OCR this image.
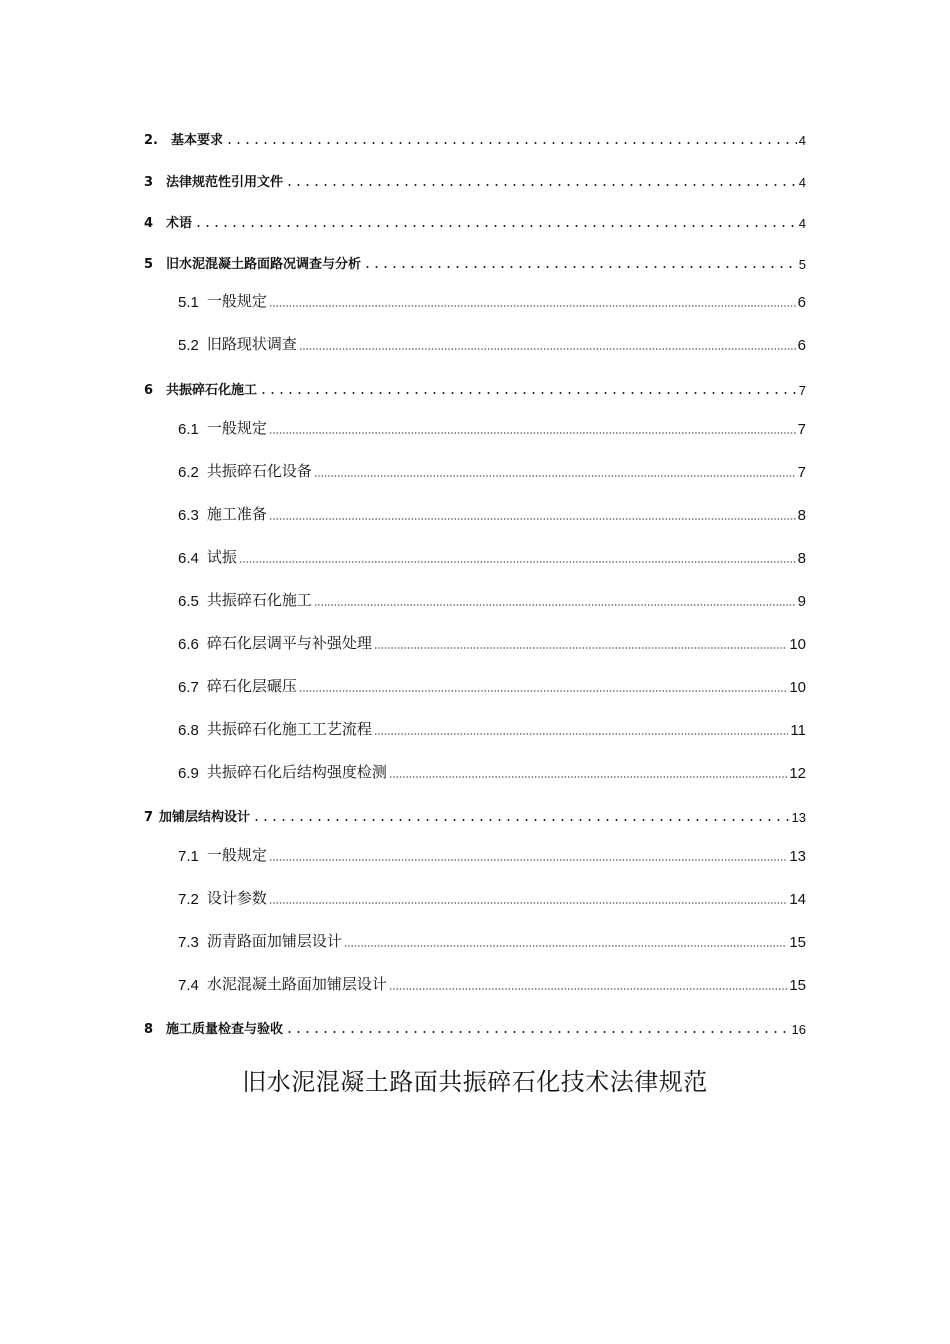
2. 基本要求	4
3 法律规范性引用文件	4
4 术语	4
5 旧水泥混凝土路面路况调查与分析	5
5.1 一般规定	6
5.2 旧路现状调查	6
6 共振碎石化施工	7
6.1 一般规定	7
6.2 共振碎石化设备	7
6.3 施工准备	8
6.4 试振	8
6.5 共振碎石化施工	9
6.6 碎石化层调平与补强处理	10
6.7 碎石化层碾压	10
6.8 共振碎石化施工工艺流程	11
6.9 共振碎石化后结构强度检测	12
7 加铺层结构设计	13
7.1 一般规定	13
7.2 设计参数	14
7.3 沥青路面加铺层设计	15
7.4 水泥混凝土路面加铺层设计	15
8 施工质量检查与验收	16
旧水泥混凝土路面共振碎石化技术法律规范
